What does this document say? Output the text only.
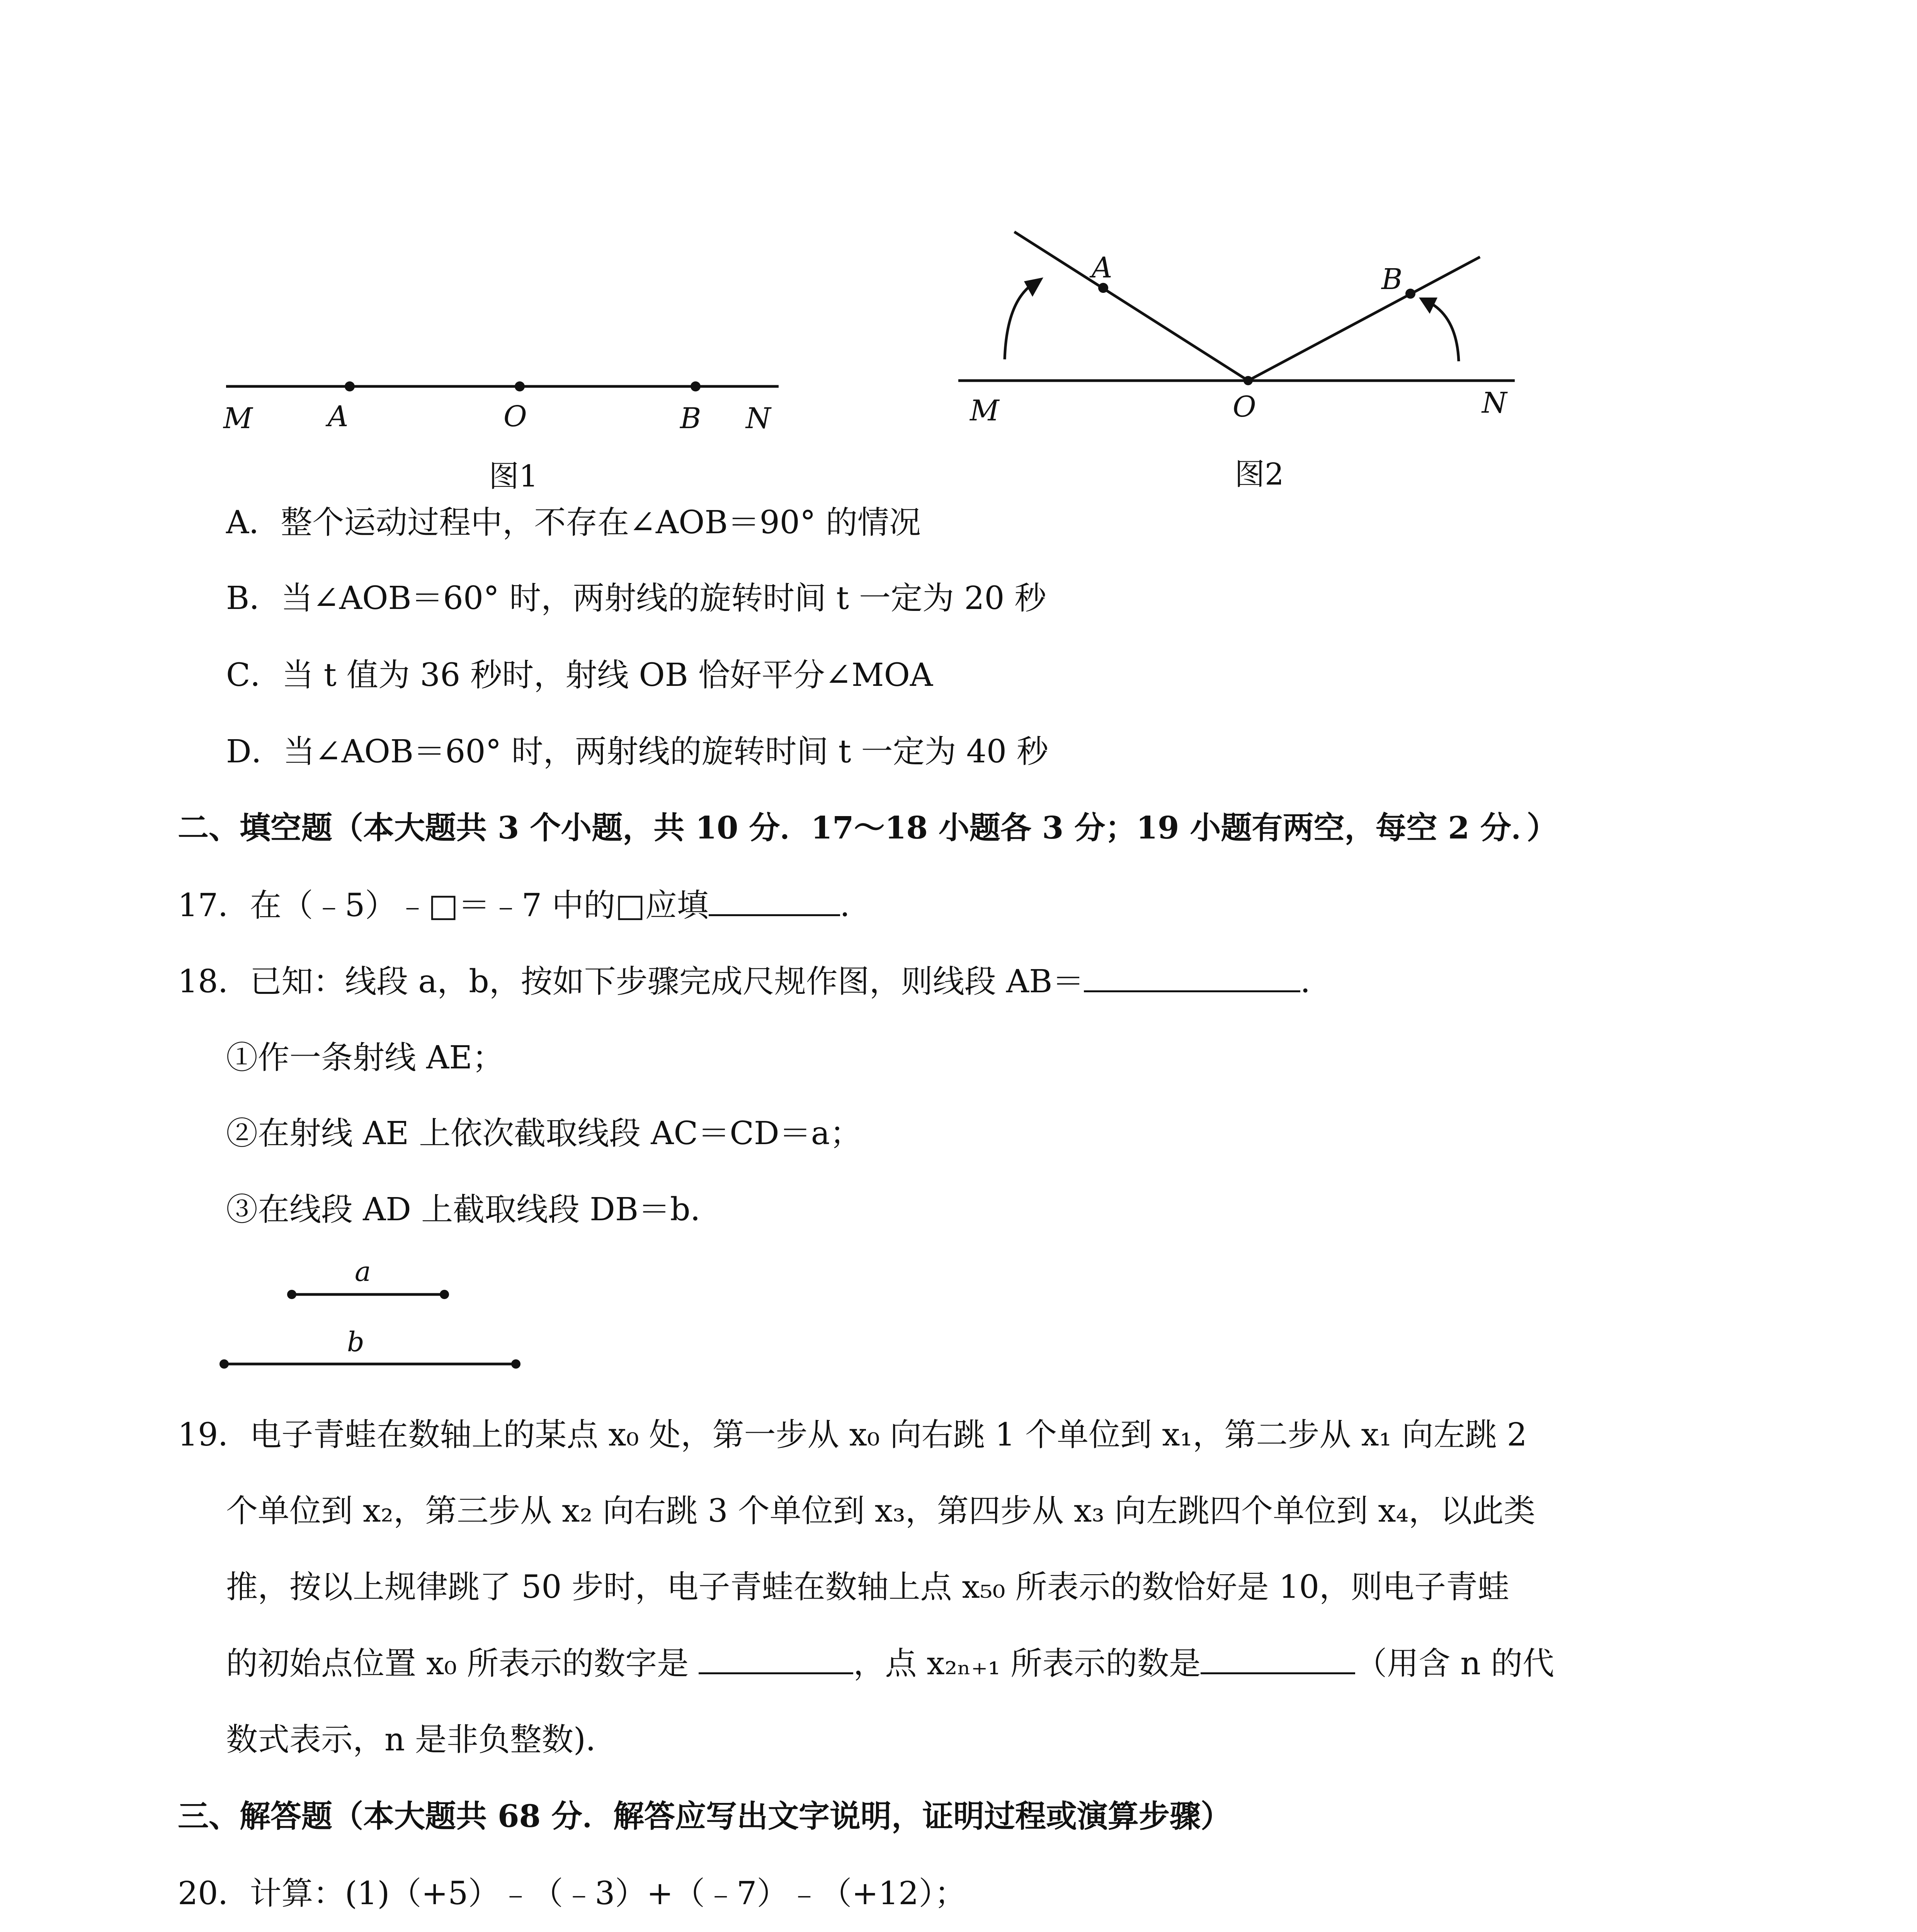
M	A	O	B N
图1
A	B
M	O	N
图2
A．整个运动过程中，不存在∠AOB＝90° 的情况
B．当∠AOB＝60° 时，两射线的旋转时间 t 一定为 20 秒
C．当 t 值为 36 秒时，射线 OB 恰好平分∠MOA
D．当∠AOB＝60° 时，两射线的旋转时间 t 一定为 40 秒
二、填空题（本大题共 3 个小题，共 10 分．17～18 小题各 3 分；19 小题有两空，每空 2 分．）
17．在（﹣5）﹣□＝﹣7 中的□应填	．
18．已知：线段 a，b，按如下步骤完成尺规作图，则线段 AB＝	．
①作一条射线 AE；
②在射线 AE 上依次截取线段 AC＝CD＝a；
③在线段 AD 上截取线段 DB＝b．
a
b
19．电子青蛙在数轴上的某点 x₀ 处，第一步从 x₀ 向右跳 1 个单位到 x₁，第二步从 x₁ 向左跳 2
个单位到 x₂，第三步从 x₂ 向右跳 3 个单位到 x₃，第四步从 x₃ 向左跳四个单位到 x₄，以此类
推，按以上规律跳了 50 步时，电子青蛙在数轴上点 x₅₀ 所表示的数恰好是 10，则电子青蛙
的初始点位置 x₀ 所表示的数字是	，点 x₂ₙ₊₁ 所表示的数是	（用含 n 的代
数式表示，n 是非负整数)．
三、解答题（本大题共 68 分．解答应写出文字说明，证明过程或演算步骤）
20．计算：(1)（+5）﹣（﹣3）+（﹣7）﹣（+12）；
